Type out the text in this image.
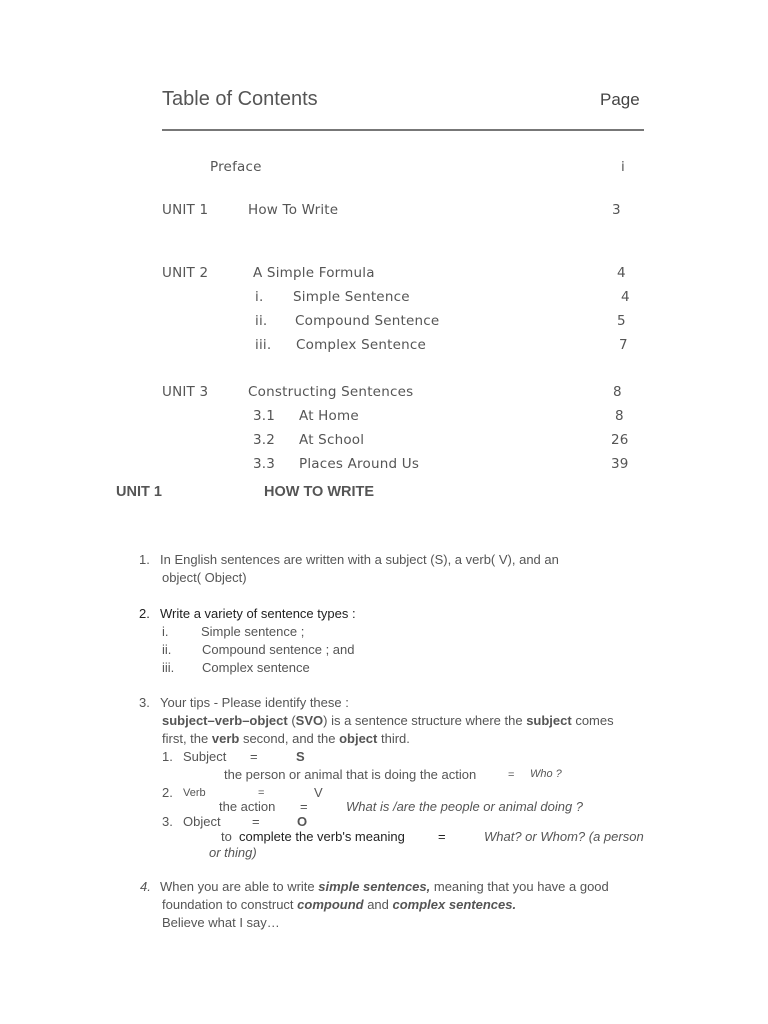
Table of Contents	Page
Preface	i
UNIT 1	How To Write	3
UNIT 2	A Simple Formula	4
i. Simple Sentence	4
ii. Compound Sentence	5
iii. Complex Sentence	7
UNIT 3	Constructing Sentences	8
3.1 At Home	8
3.2 At School	26
3.3 Places Around Us	39
UNIT 1	HOW TO WRITE
1. In English sentences are written with a subject (S), a verb( V), and an
object( Object)
2. Write a variety of sentence types :
i.	Simple sentence ;
ii. Compound sentence ; and
iii. Complex sentence
3. Your tips - Please identify these :
subject–verb–object (SVO) is a sentence structure where the subject comes
first, the verb second, and the object third.
1. Subject =	S
the person or animal that is doing the action	= Who ?
2. Verb	=	V
the action =	What is /are the people or animal doing ?
3. Object =	O
to complete the verb's meaning	=	What? or Whom? (a person
or thing)
4. When you are able to write simple sentences, meaning that you have a good
foundation to construct compound and complex sentences.
Believe what I say…
